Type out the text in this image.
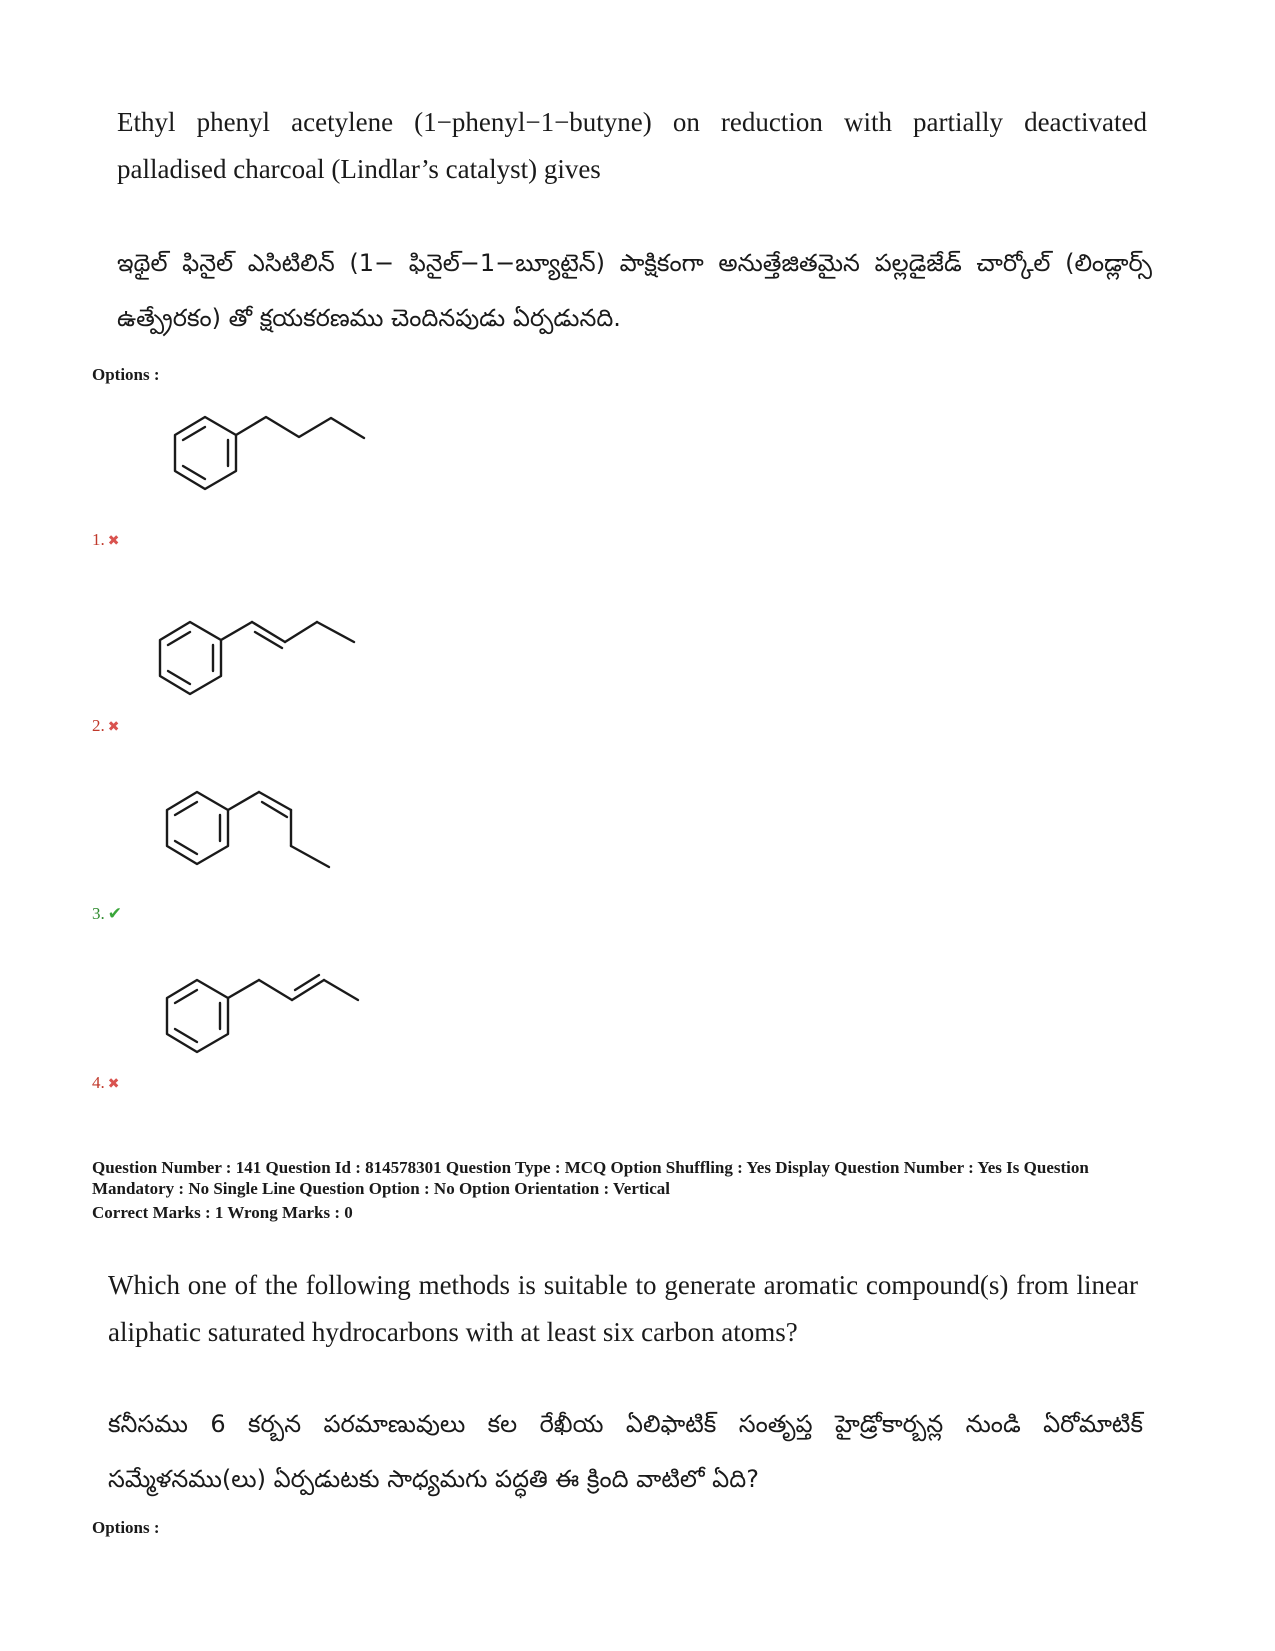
Ethyl phenyl acetylene (1−phenyl−1−butyne) on reduction with partially deactivated palladised charcoal (Lindlar’s catalyst) gives
ఇథైల్ ఫినైల్ ఎసిటిలిన్ (1− ఫినైల్−1−బ్యూటైన్) పాక్షికంగా అనుత్తేజితమైన పల్లడైజేడ్ చార్కోల్ (లిండ్లార్స్ ఉత్ప్రేరకం) తో క్షయకరణము చెందినపుడు ఏర్పడునది.
Options :
1. ✖
2. ✖
3. ✔
4. ✖
Question Number : 141 Question Id : 814578301 Question Type : MCQ Option Shuffling : Yes Display Question Number : Yes Is Question
Mandatory : No Single Line Question Option : No Option Orientation : Vertical
Correct Marks : 1 Wrong Marks : 0
Which one of the following methods is suitable to generate aromatic compound(s) from linear aliphatic saturated hydrocarbons with at least six carbon atoms?
కనీసము 6 కర్బన పరమాణువులు కల రేఖీయ ఏలిఫాటిక్ సంతృప్త హైడ్రోకార్బన్ల నుండి ఏరోమాటిక్ సమ్మేళనము(లు) ఏర్పడుటకు సాధ్యమగు పద్ధతి ఈ క్రింది వాటిలో ఏది?
Options :
